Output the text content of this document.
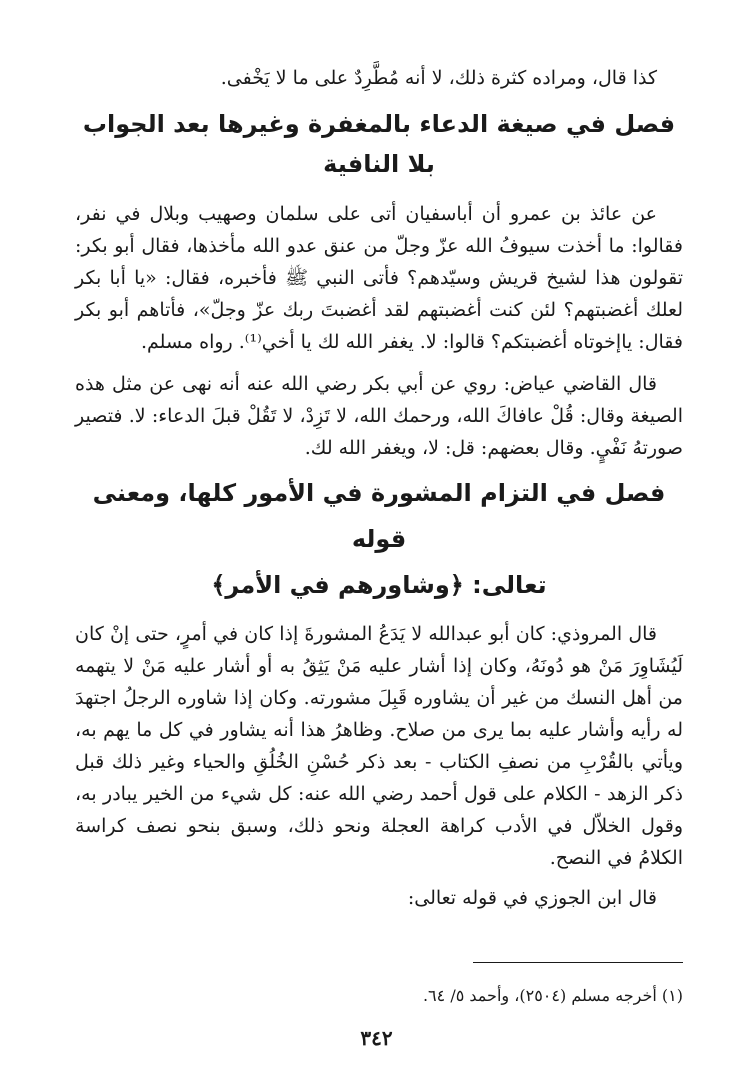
كذا قال، ومراده كثرة ذلك، لا أنه مُطَّرِدٌ على ما لا يَخْفى.

فصل في صيغة الدعاء بالمغفرة وغيرها بعد الجواب بلا النافية

عن عائذ بن عمرو أن أباسفيان أتى على سلمان وصهيب وبلال في نفر، فقالوا: ما أخذت سيوفُ الله عزّ وجلّ من عنق عدو الله مأخذها، فقال أبو بكر: تقولون هذا لشيخ قريش وسيّدهم؟ فأتى النبي ﷺ فأخبره، فقال: «يا أبا بكر لعلك أغضبتهم؟ لئن كنت أغضبتهم لقد أغضبتَ ربك عزّ وجلّ»، فأتاهم أبو بكر فقال: ياإخوتاه أغضبتكم؟ قالوا: لا. يغفر الله لك يا أخي⁽¹⁾. رواه مسلم.

قال القاضي عياض: روي عن أبي بكر رضي الله عنه أنه نهى عن مثل هذه الصيغة وقال: قُلْ عافاكَ الله، ورحمك الله، لا تَزِدْ، لا تَقُلْ قبلَ الدعاء: لا. فتصير صورتهُ نَفْيٍ. وقال بعضهم: قل: لا، ويغفر الله لك.

فصل في التزام المشورة في الأمور كلها، ومعنى قوله
تعالى: ﴿وشاورهم في الأمر﴾

قال المروذي: كان أبو عبدالله لا يَدَعُ المشورةَ إذا كان في أمرٍ، حتى إنْ كان لَيُشَاوِرَ مَنْ هو دُونَهُ، وكان إذا أشار عليه مَنْ يَثِقُ به أو أشار عليه مَنْ لا يتهمه من أهل النسك من غير أن يشاوره قَبِلَ مشورته. وكان إذا شاوره الرجلُ اجتهدَ له رأيه وأشار عليه بما يرى من صلاح. وظاهرُ هذا أنه يشاور في كل ما يهم به، ويأتي بالقُرْبِ من نصفِ الكتاب - بعد ذكر حُسْنِ الخُلُقِ والحياء وغير ذلك قبل ذكر الزهد - الكلام على قول أحمد رضي الله عنه: كل شيء من الخير يبادر به، وقول الخلاّل في الأدب كراهة العجلة ونحو ذلك، وسبق بنحو نصف كراسة الكلامُ في النصح.

قال ابن الجوزي في قوله تعالى:

(١) أخرجه مسلم (٢٥٠٤)، وأحمد ٥/ ٦٤.
٣٤٢
